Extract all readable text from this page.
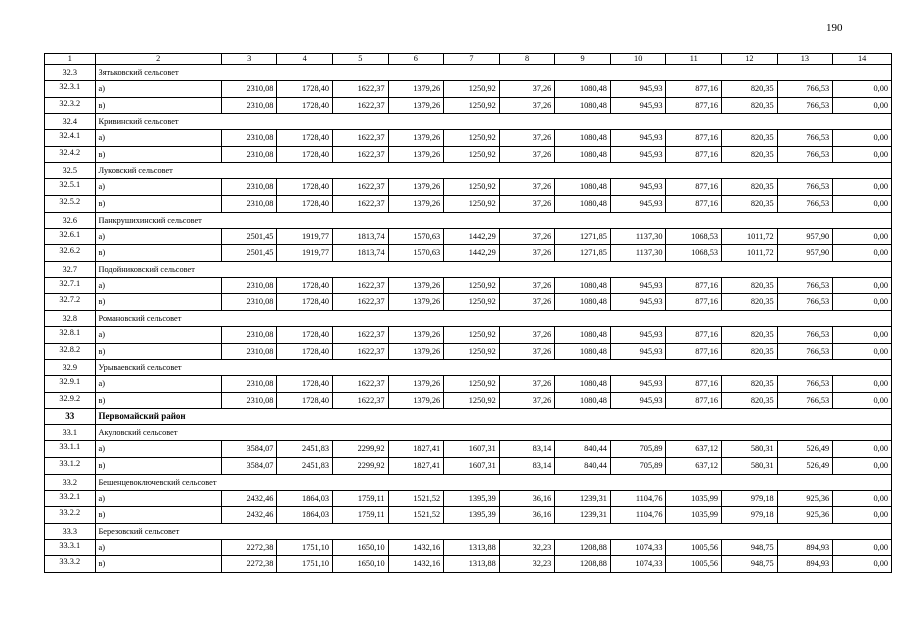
190
1	2	3	4	5	6	7	8	9	10	11	12	13	14
32.3	Зятьковский сельсовет												
32.3.1	а)	2310,08	1728,40	1622,37	1379,26	1250,92	37,26	1080,48	945,93	877,16	820,35	766,53	0,00
32.3.2	в)	2310,08	1728,40	1622,37	1379,26	1250,92	37,26	1080,48	945,93	877,16	820,35	766,53	0,00
32.4	Кривинский сельсовет												
32.4.1	а)	2310,08	1728,40	1622,37	1379,26	1250,92	37,26	1080,48	945,93	877,16	820,35	766,53	0,00
32.4.2	в)	2310,08	1728,40	1622,37	1379,26	1250,92	37,26	1080,48	945,93	877,16	820,35	766,53	0,00
32.5	Луковский сельсовет												
32.5.1	а)	2310,08	1728,40	1622,37	1379,26	1250,92	37,26	1080,48	945,93	877,16	820,35	766,53	0,00
32.5.2	в)	2310,08	1728,40	1622,37	1379,26	1250,92	37,26	1080,48	945,93	877,16	820,35	766,53	0,00
32.6	Панкрушихинский сельсовет												
32.6.1	а)	2501,45	1919,77	1813,74	1570,63	1442,29	37,26	1271,85	1137,30	1068,53	1011,72	957,90	0,00
32.6.2	в)	2501,45	1919,77	1813,74	1570,63	1442,29	37,26	1271,85	1137,30	1068,53	1011,72	957,90	0,00
32.7	Подойниковский сельсовет												
32.7.1	а)	2310,08	1728,40	1622,37	1379,26	1250,92	37,26	1080,48	945,93	877,16	820,35	766,53	0,00
32.7.2	в)	2310,08	1728,40	1622,37	1379,26	1250,92	37,26	1080,48	945,93	877,16	820,35	766,53	0,00
32.8	Романовский сельсовет												
32.8.1	а)	2310,08	1728,40	1622,37	1379,26	1250,92	37,26	1080,48	945,93	877,16	820,35	766,53	0,00
32.8.2	в)	2310,08	1728,40	1622,37	1379,26	1250,92	37,26	1080,48	945,93	877,16	820,35	766,53	0,00
32.9	Урываевский сельсовет												
32.9.1	а)	2310,08	1728,40	1622,37	1379,26	1250,92	37,26	1080,48	945,93	877,16	820,35	766,53	0,00
32.9.2	в)	2310,08	1728,40	1622,37	1379,26	1250,92	37,26	1080,48	945,93	877,16	820,35	766,53	0,00
33	Первомайский район												
33.1	Акуловский сельсовет												
33.1.1	а)	3584,07	2451,83	2299,92	1827,41	1607,31	83,14	840,44	705,89	637,12	580,31	526,49	0,00
33.1.2	в)	3584,07	2451,83	2299,92	1827,41	1607,31	83,14	840,44	705,89	637,12	580,31	526,49	0,00
33.2	Бешенцевоключевский сельсовет												
33.2.1	а)	2432,46	1864,03	1759,11	1521,52	1395,39	36,16	1239,31	1104,76	1035,99	979,18	925,36	0,00
33.2.2	в)	2432,46	1864,03	1759,11	1521,52	1395,39	36,16	1239,31	1104,76	1035,99	979,18	925,36	0,00
33.3	Березовский сельсовет												
33.3.1	а)	2272,38	1751,10	1650,10	1432,16	1313,88	32,23	1208,88	1074,33	1005,56	948,75	894,93	0,00
33.3.2	в)	2272,38	1751,10	1650,10	1432,16	1313,88	32,23	1208,88	1074,33	1005,56	948,75	894,93	0,00
